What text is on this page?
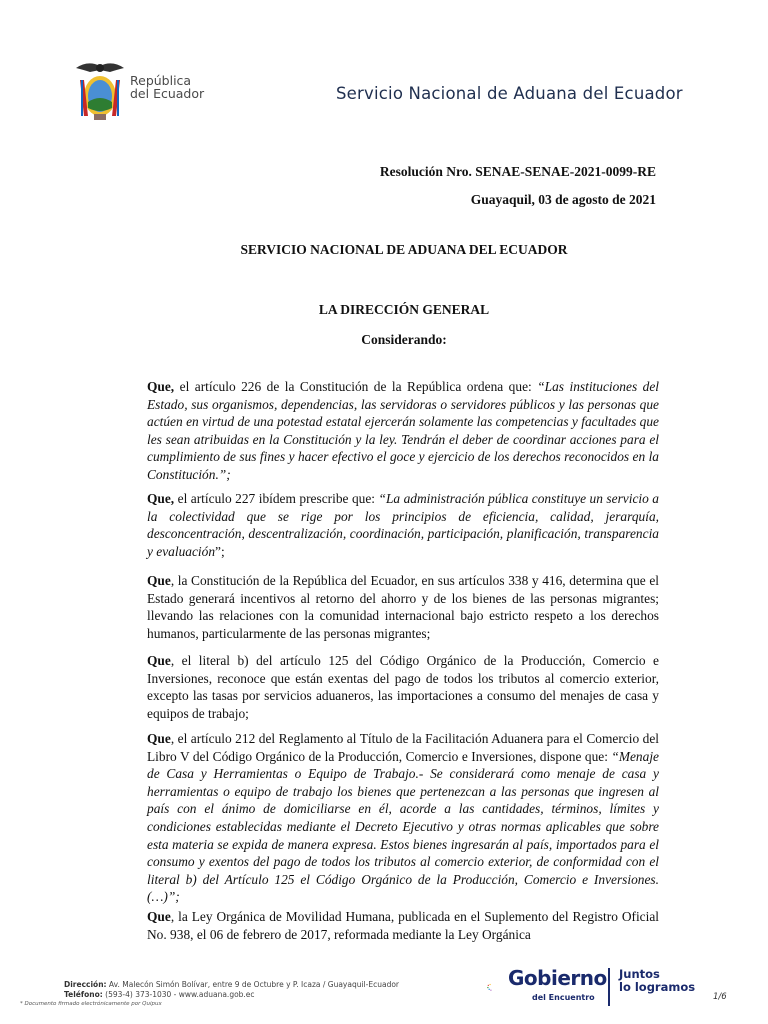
República
del Ecuador	Servicio Nacional de Aduana del Ecuador
Resolución Nro. SENAE-SENAE-2021-0099-RE
Guayaquil, 03 de agosto de 2021
SERVICIO NACIONAL DE ADUANA DEL ECUADOR
LA DIRECCIÓN GENERAL
Considerando:

Que, el artículo 226 de la Constitución de la República ordena que: “Las instituciones del Estado, sus organismos, dependencias, las servidoras o servidores públicos y las personas que actúen en virtud de una potestad estatal ejercerán solamente las competencias y facultades que les sean atribuidas en la Constitución y la ley. Tendrán el deber de coordinar acciones para el cumplimiento de sus fines y hacer efectivo el goce y ejercicio de los derechos reconocidos en la Constitución.”;

Que, el artículo 227 ibídem prescribe que: “La administración pública constituye un servicio a la colectividad que se rige por los principios de eficiencia, calidad, jerarquía, desconcentración, descentralización, coordinación, participación, planificación, transparencia y evaluación”;

Que, la Constitución de la República del Ecuador, en sus artículos 338 y 416, determina que el Estado generará incentivos al retorno del ahorro y de los bienes de las personas migrantes; llevando las relaciones con la comunidad internacional bajo estricto respeto a los derechos humanos, particularmente de las personas migrantes;

Que, el literal b) del artículo 125 del Código Orgánico de la Producción, Comercio e Inversiones, reconoce que están exentas del pago de todos los tributos al comercio exterior, excepto las tasas por servicios aduaneros, las importaciones a consumo del menajes de casa y equipos de trabajo;

Que, el artículo 212 del Reglamento al Título de la Facilitación Aduanera para el Comercio del Libro V del Código Orgánico de la Producción, Comercio e Inversiones, dispone que: “Menaje de Casa y Herramientas o Equipo de Trabajo.- Se considerará como menaje de casa y herramientas o equipo de trabajo los bienes que pertenezcan a las personas que ingresen al país con el ánimo de domiciliarse en él, acorde a las cantidades, términos, límites y condiciones establecidas mediante el Decreto Ejecutivo y otras normas aplicables que sobre esta materia se expida de manera expresa. Estos bienes ingresarán al país, importados para el consumo y exentos del pago de todos los tributos al comercio exterior, de conformidad con el literal b) del Artículo 125 el Código Orgánico de la Producción, Comercio e Inversiones. (…)”;

Que, la Ley Orgánica de Movilidad Humana, publicada en el Suplemento del Registro Oficial No. 938, el 06 de febrero de 2017, reformada mediante la Ley Orgánica

Dirección: Av. Malecón Simón Bolívar, entre 9 de Octubre y P. Icaza / Guayaquil-Ecuador
Teléfono: (593-4) 373-1030 - www.aduana.gob.ec
* Documento firmado electrónicamente por Quipux
Gobierno
del Encuentro
Juntos
lo logramos
1/6
